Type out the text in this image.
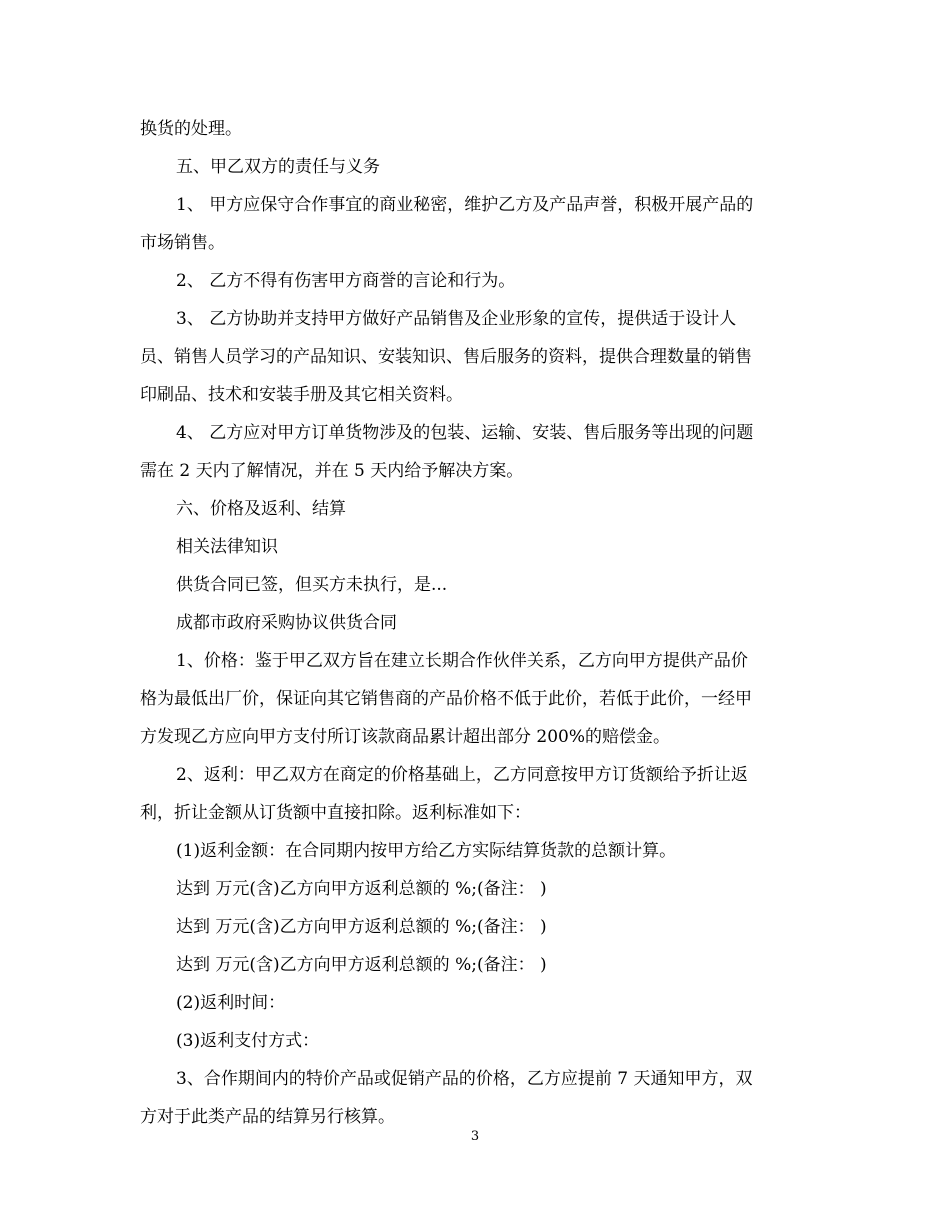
换货的处理。
五、甲乙双方的责任与义务
1、 甲方应保守合作事宜的商业秘密，维护乙方及产品声誉，积极开展产品的
市场销售。
2、 乙方不得有伤害甲方商誉的言论和行为。
3、 乙方协助并支持甲方做好产品销售及企业形象的宣传，提供适于设计人
员、销售人员学习的产品知识、安装知识、售后服务的资料，提供合理数量的销售
印刷品、技术和安装手册及其它相关资料。
4、 乙方应对甲方订单货物涉及的包装、运输、安装、售后服务等出现的问题
需在 2 天内了解情况，并在 5 天内给予解决方案。
六、价格及返利、结算
相关法律知识
供货合同已签，但买方未执行，是...
成都市政府采购协议供货合同
1、价格：鉴于甲乙双方旨在建立长期合作伙伴关系，乙方向甲方提供产品价
格为最低出厂价，保证向其它销售商的产品价格不低于此价，若低于此价，一经甲
方发现乙方应向甲方支付所订该款商品累计超出部分 200%的赔偿金。
2、返利：甲乙双方在商定的价格基础上，乙方同意按甲方订货额给予折让返
利，折让金额从订货额中直接扣除。返利标准如下：
(1)返利金额：在合同期内按甲方给乙方实际结算货款的总额计算。
达到 万元(含)乙方向甲方返利总额的 %;(备注： )
达到 万元(含)乙方向甲方返利总额的 %;(备注： )
达到 万元(含)乙方向甲方返利总额的 %;(备注： )
(2)返利时间：
(3)返利支付方式：
3、合作期间内的特价产品或促销产品的价格，乙方应提前 7 天通知甲方，双
方对于此类产品的结算另行核算。
3
